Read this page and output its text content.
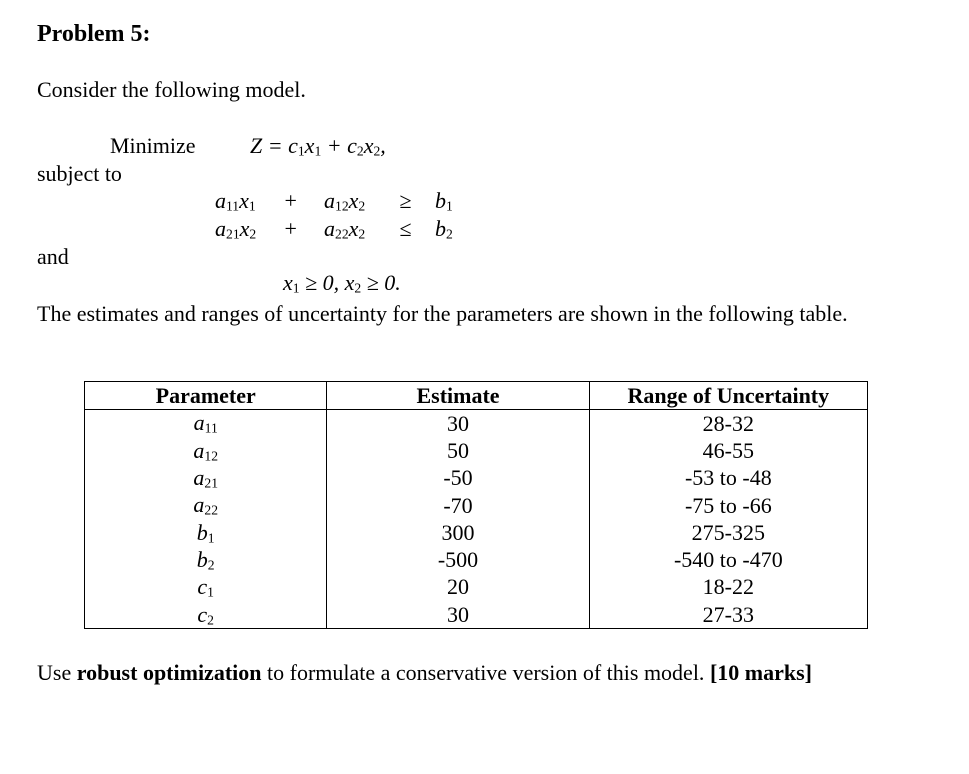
Problem 5:
Consider the following model.
Minimize Z = c1x1 + c2x2,
subject to
a11x1 + a12x2 ≥ b1
a21x2 + a22x2 ≤ b2
and
x1 ≥ 0, x2 ≥ 0.
The estimates and ranges of uncertainty for the parameters are shown in the following table.
Parameter	Estimate	Range of Uncertainty
a11	30	28-32
a12	50	46-55
a21	-50	-53 to -48
a22	-70	-75 to -66
b1	300	275-325
b2	-500	-540 to -470
c1	20	18-22
c2	30	27-33
Use robust optimization to formulate a conservative version of this model. [10 marks]
